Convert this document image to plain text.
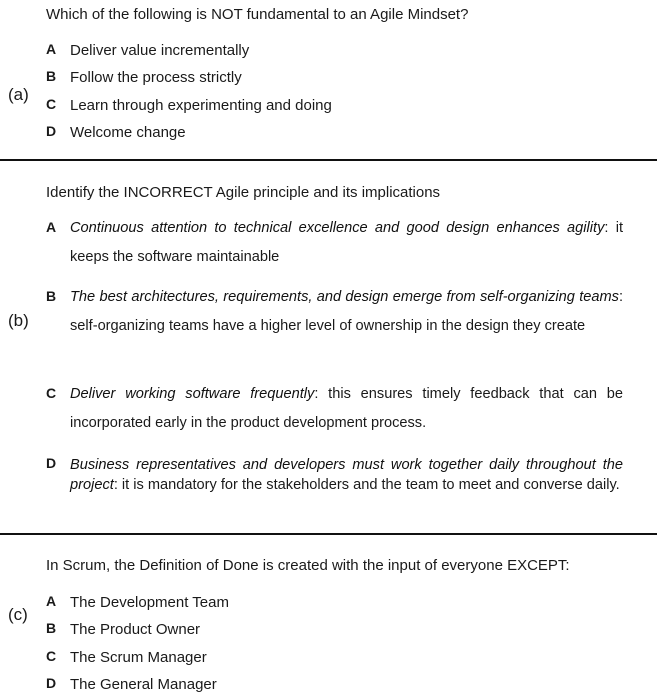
Which of the following is NOT fundamental to an Agile Mindset?
(a)
A Deliver value incrementally
B Follow the process strictly
C Learn through experimenting and doing
D Welcome change
Identify the INCORRECT Agile principle and its implications
(b)
A Continuous attention to technical excellence and good design enhances agility: it keeps the software maintainable
B The best architectures, requirements, and design emerge from self-organizing teams: self-organizing teams have a higher level of ownership in the design they create
C Deliver working software frequently: this ensures timely feedback that can be incorporated early in the product development process.
D Business representatives and developers must work together daily throughout the project: it is mandatory for the stakeholders and the team to meet and converse daily.
In Scrum, the Definition of Done is created with the input of everyone EXCEPT:
(c)
A The Development Team
B The Product Owner
C The Scrum Manager
D The General Manager
